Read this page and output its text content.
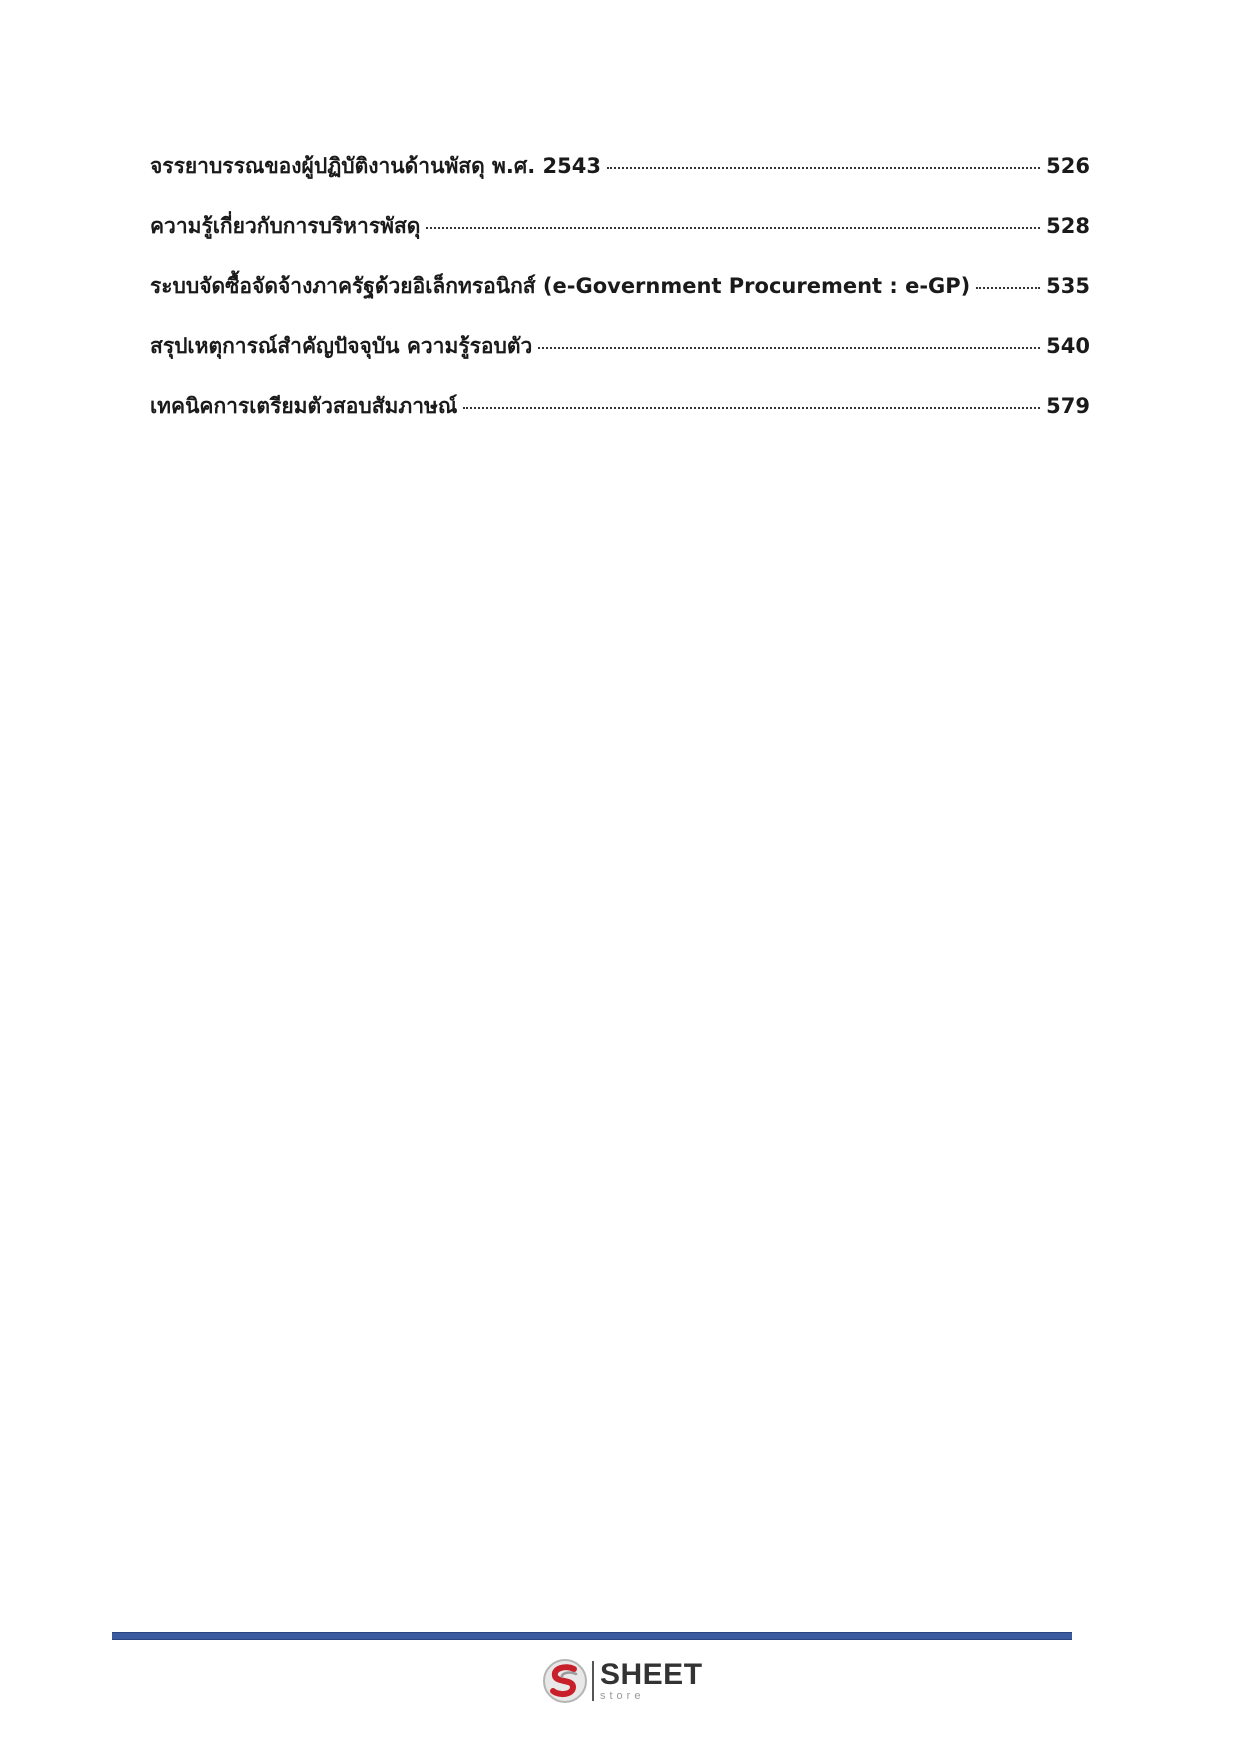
จรรยาบรรณของผู้ปฏิบัติงานด้านพัสดุ พ.ศ. 2543	526
ความรู้เกี่ยวกับการบริหารพัสดุ	528
ระบบจัดซื้อจัดจ้างภาครัฐด้วยอิเล็กทรอนิกส์ (e-Government Procurement : e-GP)	535
สรุปเหตุการณ์สำคัญปัจจุบัน ความรู้รอบตัว	540
เทคนิคการเตรียมตัวสอบสัมภาษณ์	579
SHEET
store
